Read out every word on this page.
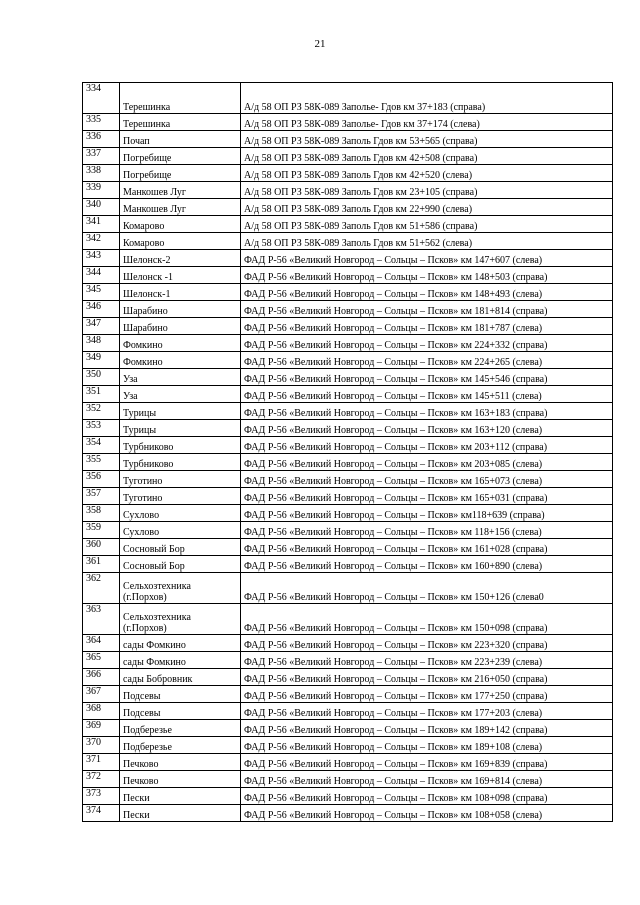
21
334	Терешинка	А/д 58 ОП РЗ 58К-089 Заполье- Гдов км 37+183 (справа)
335	Терешинка	А/д 58 ОП РЗ 58К-089 Заполье- Гдов км 37+174 (слева)
336	Почап	А/д 58 ОП РЗ 58К-089 Заполь Гдов км 53+565 (справа)
337	Погребище	А/д 58 ОП РЗ 58К-089 Заполь Гдов км 42+508 (справа)
338	Погребище	А/д 58 ОП РЗ 58К-089 Заполь Гдов км 42+520 (слева)
339	Манкошев Луг	А/д 58 ОП РЗ 58К-089 Заполь Гдов км 23+105 (справа)
340	Манкошев Луг	А/д 58 ОП РЗ 58К-089 Заполь Гдов км 22+990 (слева)
341	Комарово	А/д 58 ОП РЗ 58К-089 Заполь Гдов км 51+586 (справа)
342	Комарово	А/д 58 ОП РЗ 58К-089 Заполь Гдов км 51+562 (слева)
343	Шелонск-2	ФАД Р-56 «Великий Новгород – Сольцы – Псков» км 147+607 (слева)
344	Шелонск -1	ФАД Р-56 «Великий Новгород – Сольцы – Псков» км 148+503 (справа)
345	Шелонск-1	ФАД Р-56 «Великий Новгород – Сольцы – Псков» км 148+493 (слева)
346	Шарабино	ФАД Р-56 «Великий Новгород – Сольцы – Псков» км 181+814 (справа)
347	Шарабино	ФАД Р-56 «Великий Новгород – Сольцы – Псков» км 181+787 (слева)
348	Фомкино	ФАД Р-56 «Великий Новгород – Сольцы – Псков» км 224+332 (справа)
349	Фомкино	ФАД Р-56 «Великий Новгород – Сольцы – Псков» км 224+265 (слева)
350	Уза	ФАД Р-56 «Великий Новгород – Сольцы – Псков» км 145+546 (справа)
351	Уза	ФАД Р-56 «Великий Новгород – Сольцы – Псков» км 145+511 (слева)
352	Турицы	ФАД Р-56 «Великий Новгород – Сольцы – Псков» км 163+183 (справа)
353	Турицы	ФАД Р-56 «Великий Новгород – Сольцы – Псков» км 163+120 (слева)
354	Турбниково	ФАД Р-56 «Великий Новгород – Сольцы – Псков» км 203+112 (справа)
355	Турбниково	ФАД Р-56 «Великий Новгород – Сольцы – Псков» км 203+085 (слева)
356	Туготино	ФАД Р-56 «Великий Новгород – Сольцы – Псков» км 165+073 (слева)
357	Туготино	ФАД Р-56 «Великий Новгород – Сольцы – Псков» км 165+031 (справа)
358	Сухлово	ФАД Р-56 «Великий Новгород – Сольцы – Псков» км118+639 (справа)
359	Сухлово	ФАД Р-56 «Великий Новгород – Сольцы – Псков» км 118+156 (слева)
360	Сосновый Бор	ФАД Р-56 «Великий Новгород – Сольцы – Псков» км 161+028 (справа)
361	Сосновый Бор	ФАД Р-56 «Великий Новгород – Сольцы – Псков» км 160+890 (слева)
362	Сельхозтехника (г.Порхов)	ФАД Р-56 «Великий Новгород – Сольцы – Псков» км 150+126 (слева0
363	Сельхозтехника (г.Порхов)	ФАД Р-56 «Великий Новгород – Сольцы – Псков» км 150+098 (справа)
364	сады Фомкино	ФАД Р-56 «Великий Новгород – Сольцы – Псков» км 223+320 (справа)
365	сады Фомкино	ФАД Р-56 «Великий Новгород – Сольцы – Псков» км 223+239 (слева)
366	сады Бобровник	ФАД Р-56 «Великий Новгород – Сольцы – Псков» км 216+050 (справа)
367	Подсевы	ФАД Р-56 «Великий Новгород – Сольцы – Псков» км 177+250 (справа)
368	Подсевы	ФАД Р-56 «Великий Новгород – Сольцы – Псков» км 177+203 (слева)
369	Подберезье	ФАД Р-56 «Великий Новгород – Сольцы – Псков» км 189+142 (справа)
370	Подберезье	ФАД Р-56 «Великий Новгород – Сольцы – Псков» км 189+108 (слева)
371	Печково	ФАД Р-56 «Великий Новгород – Сольцы – Псков» км 169+839 (справа)
372	Печково	ФАД Р-56 «Великий Новгород – Сольцы – Псков» км 169+814 (слева)
373	Пески	ФАД Р-56 «Великий Новгород – Сольцы – Псков» км 108+098 (справа)
374	Пески	ФАД Р-56 «Великий Новгород – Сольцы – Псков» км 108+058 (слева)
